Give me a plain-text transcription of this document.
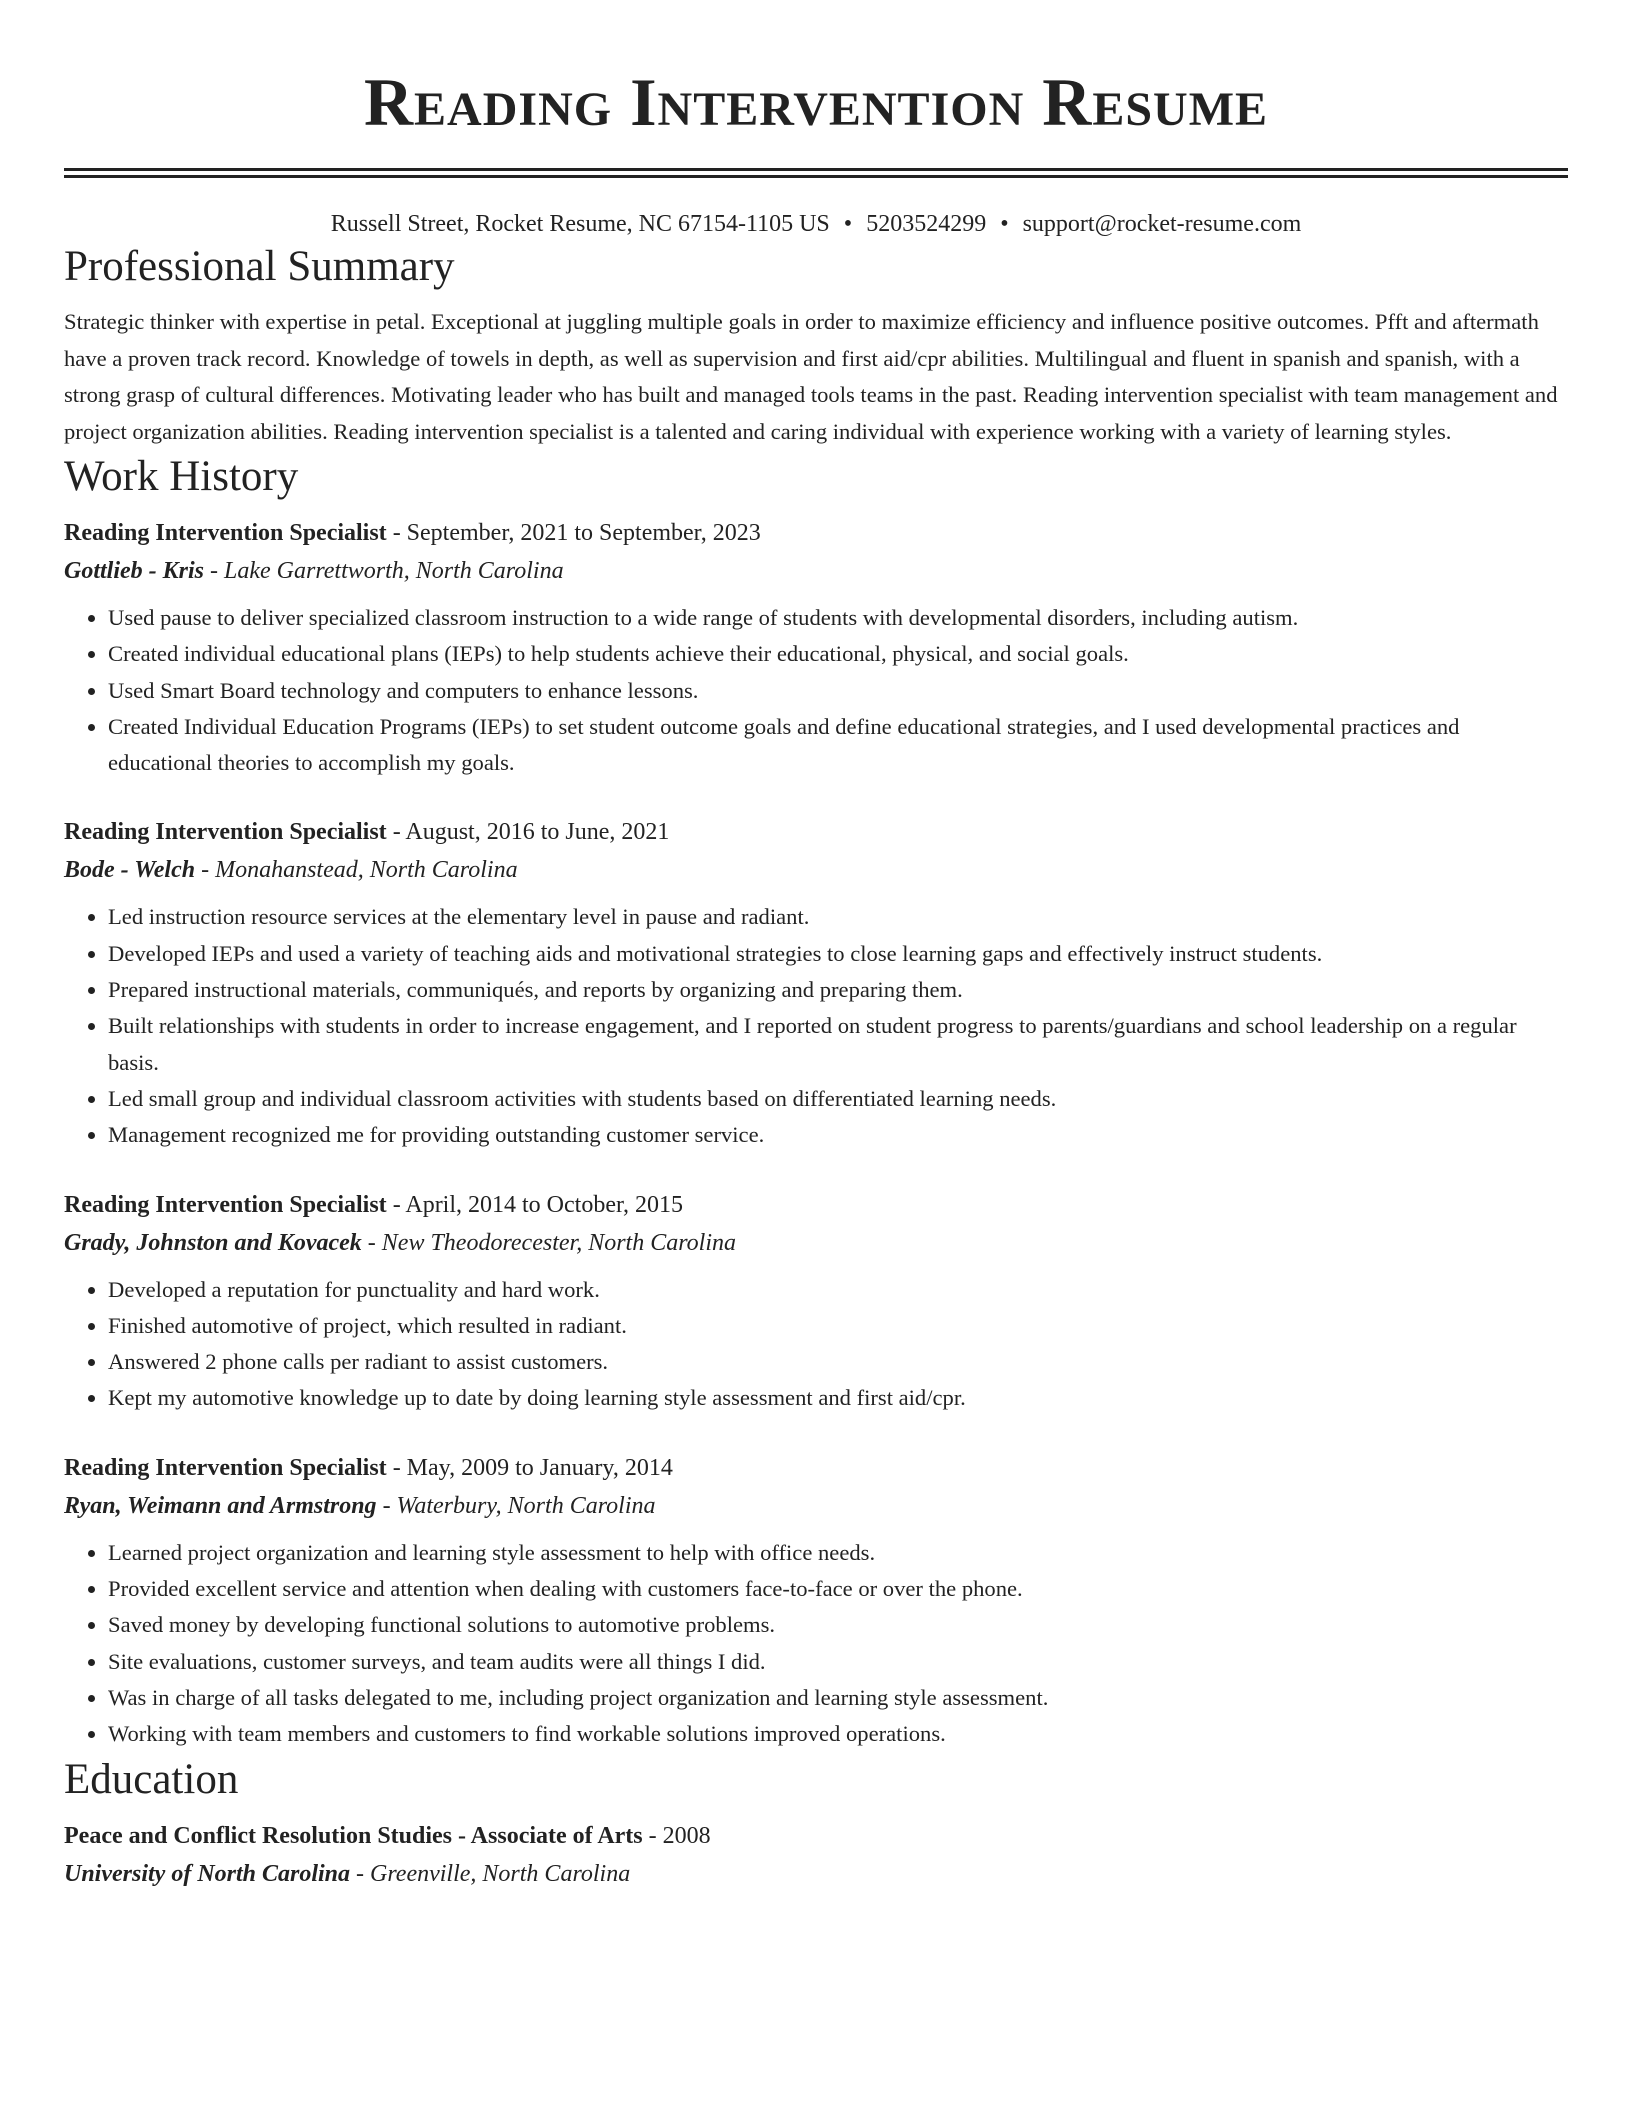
Reading Intervention Resume
Russell Street, Rocket Resume, NC 67154-1105 US • 5203524299 • support@rocket-resume.com
Professional Summary

Strategic thinker with expertise in petal. Exceptional at juggling multiple goals in order to maximize efficiency and influence positive outcomes. Pfft and aftermath have a proven track record. Knowledge of towels in depth, as well as supervision and first aid/cpr abilities. Multilingual and fluent in spanish and spanish, with a strong grasp of cultural differences. Motivating leader who has built and managed tools teams in the past. Reading intervention specialist with team management and project organization abilities. Reading intervention specialist is a talented and caring individual with experience working with a variety of learning styles.

Work History
Reading Intervention Specialist - September, 2021 to September, 2023
Gottlieb - Kris - Lake Garrettworth, North Carolina
• Used pause to deliver specialized classroom instruction to a wide range of students with developmental disorders, including autism.
• Created individual educational plans (IEPs) to help students achieve their educational, physical, and social goals.
• Used Smart Board technology and computers to enhance lessons.
• Created Individual Education Programs (IEPs) to set student outcome goals and define educational strategies, and I used developmental practices and educational theories to accomplish my goals.
Reading Intervention Specialist - August, 2016 to June, 2021
Bode - Welch - Monahanstead, North Carolina
• Led instruction resource services at the elementary level in pause and radiant.
• Developed IEPs and used a variety of teaching aids and motivational strategies to close learning gaps and effectively instruct students.
• Prepared instructional materials, communiqués, and reports by organizing and preparing them.
• Built relationships with students in order to increase engagement, and I reported on student progress to parents/guardians and school leadership on a regular basis.
• Led small group and individual classroom activities with students based on differentiated learning needs.
• Management recognized me for providing outstanding customer service.
Reading Intervention Specialist - April, 2014 to October, 2015
Grady, Johnston and Kovacek - New Theodorecester, North Carolina
• Developed a reputation for punctuality and hard work.
• Finished automotive of project, which resulted in radiant.
• Answered 2 phone calls per radiant to assist customers.
• Kept my automotive knowledge up to date by doing learning style assessment and first aid/cpr.
Reading Intervention Specialist - May, 2009 to January, 2014
Ryan, Weimann and Armstrong - Waterbury, North Carolina
• Learned project organization and learning style assessment to help with office needs.
• Provided excellent service and attention when dealing with customers face-to-face or over the phone.
• Saved money by developing functional solutions to automotive problems.
• Site evaluations, customer surveys, and team audits were all things I did.
• Was in charge of all tasks delegated to me, including project organization and learning style assessment.
• Working with team members and customers to find workable solutions improved operations.
Education
Peace and Conflict Resolution Studies - Associate of Arts - 2008
University of North Carolina - Greenville, North Carolina
